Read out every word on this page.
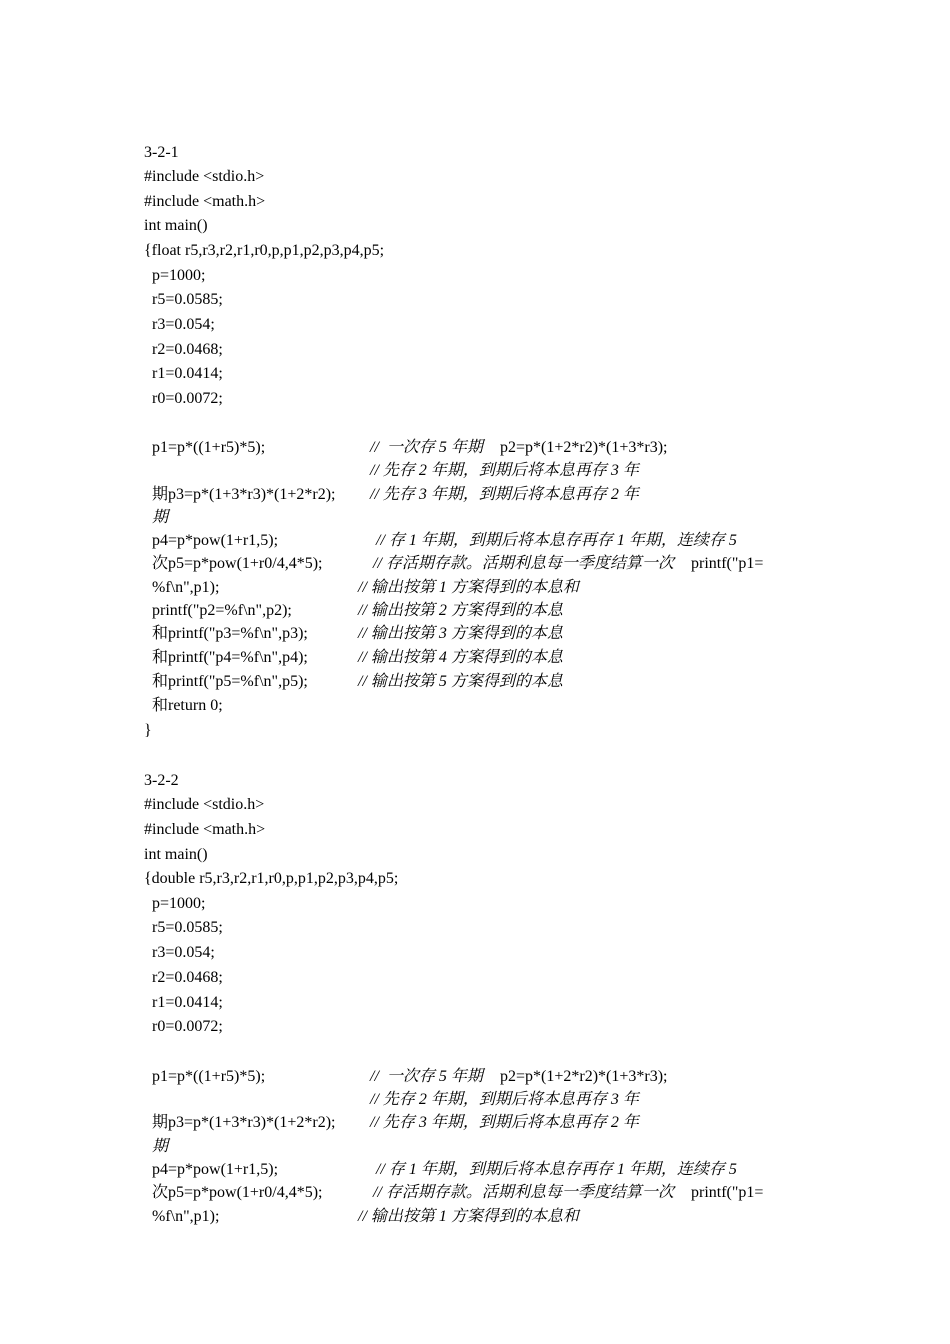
3-2-1
#include <stdio.h>
#include <math.h>
int main()
{float r5,r3,r2,r1,r0,p,p1,p2,p3,p4,p5;
p=1000;
r5=0.0585;
r3=0.054;
r2=0.0468;
r1=0.0414;
r0=0.0072;
p1=p*((1+r5)*5);	//  一次存 5 年期 p2=p*(1+2*r2)*(1+3*r3);
// 先存 2 年期，到期后将本息再存 3 年
期p3=p*(1+3*r3)*(1+2*r2); // 先存 3 年期，到期后将本息再存 2 年
期
p4=p*pow(1+r1,5);	// 存 1 年期，到期后将本息存再存 1 年期，连续存 5
次p5=p*pow(1+r0/4,4*5);	// 存活期存款。活期利息每一季度结算一次 printf("p1=
%f\n",p1);	// 输出按第 1 方案得到的本息和
printf("p2=%f\n",p2);	// 输出按第 2 方案得到的本息
和printf("p3=%f\n",p3);	// 输出按第 3 方案得到的本息
和printf("p4=%f\n",p4);	// 输出按第 4 方案得到的本息
和printf("p5=%f\n",p5);	// 输出按第 5 方案得到的本息
和return 0;
}
3-2-2
#include <stdio.h>
#include <math.h>
int main()
{double r5,r3,r2,r1,r0,p,p1,p2,p3,p4,p5;
p=1000;
r5=0.0585;
r3=0.054;
r2=0.0468;
r1=0.0414;
r0=0.0072;
p1=p*((1+r5)*5);	//  一次存 5 年期 p2=p*(1+2*r2)*(1+3*r3);
// 先存 2 年期，到期后将本息再存 3 年
期p3=p*(1+3*r3)*(1+2*r2); // 先存 3 年期，到期后将本息再存 2 年
期
p4=p*pow(1+r1,5);	// 存 1 年期，到期后将本息存再存 1 年期，连续存 5
次p5=p*pow(1+r0/4,4*5);	// 存活期存款。活期利息每一季度结算一次 printf("p1=
%f\n",p1);	// 输出按第 1 方案得到的本息和
